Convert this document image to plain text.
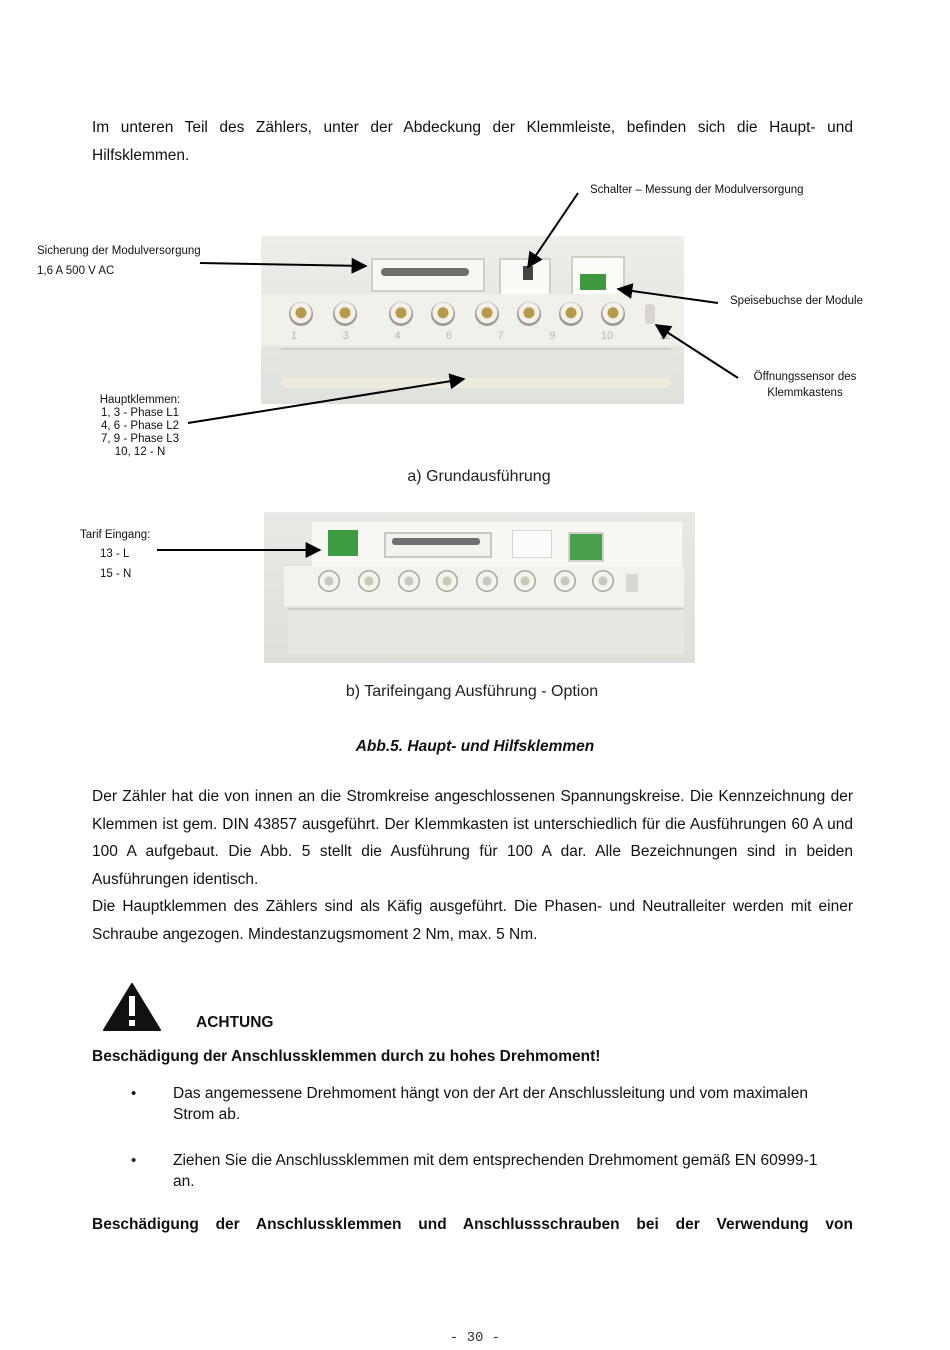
Im unteren Teil des Zählers, unter der Abdeckung der Klemmleiste, befinden sich die Haupt- und Hilfsklemmen.
1	3	4	6	7	9	10	12
Schalter – Messung der Modulversorgung
Sicherung der Modulversorgung
1,6 A 500 V AC
Speisebuchse der Module
Öffnungssensor des
Klemmkastens
Hauptklemmen:
1, 3 - Phase L1
4, 6 - Phase L2
7, 9 - Phase L3
10, 12 - N
a) Grundausführung
Tarif Eingang:
13 - L
15 - N
b) Tarifeingang Ausführung - Option
Abb.5. Haupt- und Hilfsklemmen
Der Zähler hat die von innen an die Stromkreise angeschlossenen Spannungskreise. Die Kennzeichnung der Klemmen ist gem. DIN 43857 ausgeführt. Der Klemmkasten ist unterschiedlich für die Ausführungen 60 A und 100 A aufgebaut. Die Abb. 5 stellt die Ausführung für 100 A dar. Alle Bezeichnungen sind in beiden Ausführungen identisch.
Die Hauptklemmen des Zählers sind als Käfig ausgeführt. Die Phasen- und Neutralleiter werden mit einer Schraube angezogen. Mindestanzugsmoment 2 Nm, max. 5 Nm.
ACHTUNG
Beschädigung der Anschlussklemmen durch zu hohes Drehmoment!
• Das angemessene Drehmoment hängt von der Art der Anschlussleitung und vom maximalen Strom ab.
• Ziehen Sie die Anschlussklemmen mit dem entsprechenden Drehmoment gemäß EN 60999-1 an.
Beschädigung der Anschlussklemmen und Anschlussschrauben bei der Verwendung von
- 30 -
